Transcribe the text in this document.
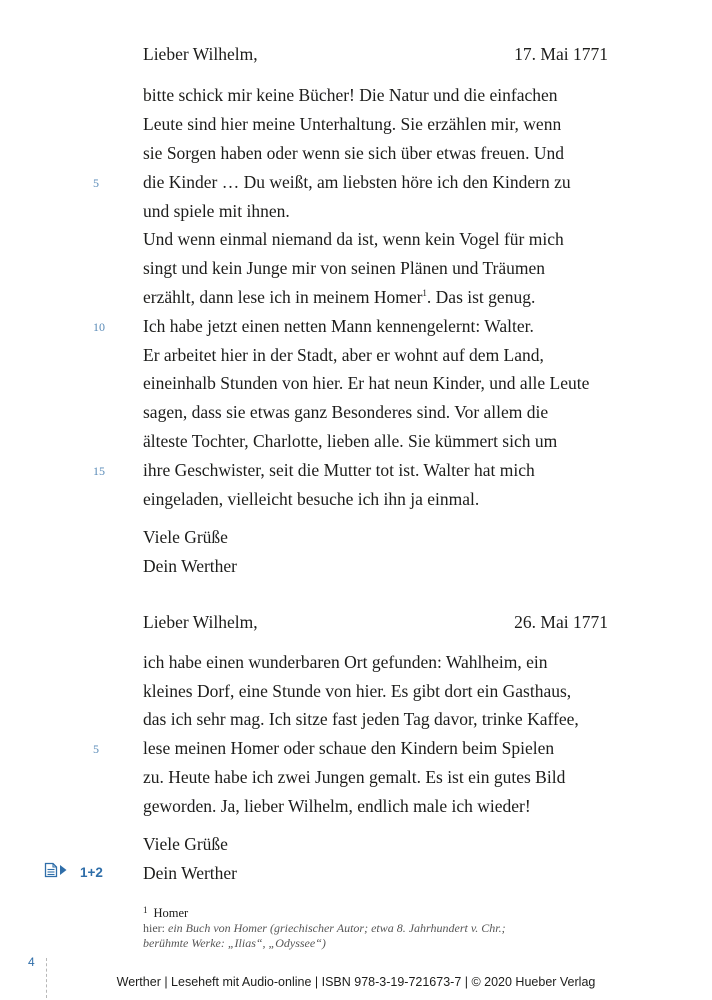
Lieber Wilhelm,	17. Mai 1771
bitte schick mir keine Bücher! Die Natur und die einfachen
Leute sind hier meine Unterhaltung. Sie erzählen mir, wenn
sie Sorgen haben oder wenn sie sich über etwas freuen. Und
die Kinder … Du weißt, am liebsten höre ich den Kindern zu
und spiele mit ihnen.
Und wenn einmal niemand da ist, wenn kein Vogel für mich
singt und kein Junge mir von seinen Plänen und Träumen
erzählt, dann lese ich in meinem Homer$^1$. Das ist genug.
Ich habe jetzt einen netten Mann kennengelernt: Walter.
Er arbeitet hier in der Stadt, aber er wohnt auf dem Land,
eineinhalb Stunden von hier. Er hat neun Kinder, und alle Leute
sagen, dass sie etwas ganz Besonderes sind. Vor allem die
älteste Tochter, Charlotte, lieben alle. Sie kümmert sich um
ihre Geschwister, seit die Mutter tot ist. Walter hat mich
eingeladen, vielleicht besuche ich ihn ja einmal.
5
10
15
Viele Grüße
Dein Werther
Lieber Wilhelm,	26. Mai 1771
ich habe einen wunderbaren Ort gefunden: Wahlheim, ein
kleines Dorf, eine Stunde von hier. Es gibt dort ein Gasthaus,
das ich sehr mag. Ich sitze fast jeden Tag davor, trinke Kaffee,
lese meinen Homer oder schaue den Kindern beim Spielen
zu. Heute habe ich zwei Jungen gemalt. Es ist ein gutes Bild
geworden. Ja, lieber Wilhelm, endlich male ich wieder!
5
Viele Grüße
Dein Werther
1+2
$^1$ Homer
hier: ein Buch von Homer (griechischer Autor; etwa 8. Jahrhundert v. Chr.;
berühmte Werke: „Ilias“, „Odyssee“)
4
Werther | Leseheft mit Audio-online | ISBN 978-3-19-721673-7 | © 2020 Hueber Verlag
